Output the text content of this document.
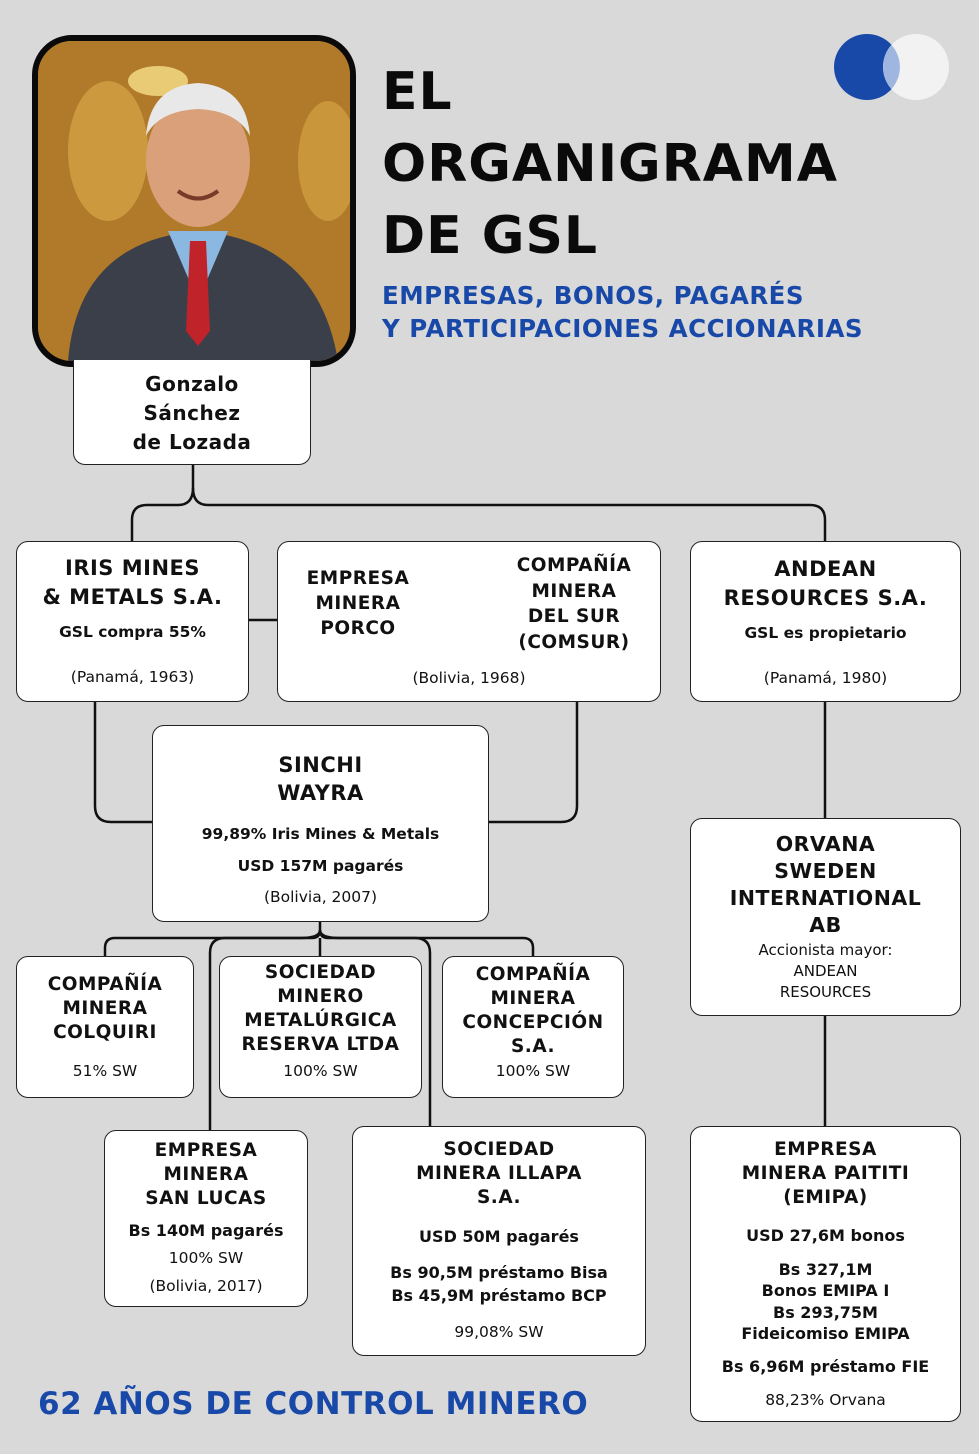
EL
ORGANIGRAMA
DE GSL
EMPRESAS, BONOS, PAGARÉS
Y PARTICIPACIONES ACCIONARIAS
Gonzalo
Sánchez
de Lozada
IRIS MINES
& METALS S.A.
GSL compra 55%
(Panamá, 1963)
EMPRESA
MINERA
PORCO
COMPAÑÍA
MINERA
DEL SUR
(COMSUR)
(Bolivia, 1968)
ANDEAN
RESOURCES S.A.
GSL es propietario
(Panamá, 1980)
SINCHI
WAYRA
99,89% Iris Mines & Metals
USD 157M pagarés
(Bolivia, 2007)
ORVANA
SWEDEN
INTERNATIONAL
AB
Accionista mayor:
ANDEAN
RESOURCES
COMPAÑÍA
MINERA
COLQUIRI
51% SW
SOCIEDAD
MINERO
METALÚRGICA
RESERVA LTDA
100% SW
COMPAÑÍA
MINERA
CONCEPCIÓN
S.A.
100% SW
EMPRESA
MINERA
SAN LUCAS
Bs 140M pagarés
100% SW
(Bolivia, 2017)
SOCIEDAD
MINERA ILLAPA
S.A.
USD 50M pagarés
Bs 90,5M préstamo Bisa
Bs 45,9M préstamo BCP
99,08% SW
EMPRESA
MINERA PAITITI
(EMIPA)
USD 27,6M bonos
Bs 327,1M
Bonos EMIPA I
Bs 293,75M
Fideicomiso EMIPA
Bs 6,96M préstamo FIE
88,23% Orvana
62 AÑOS DE CONTROL MINERO
